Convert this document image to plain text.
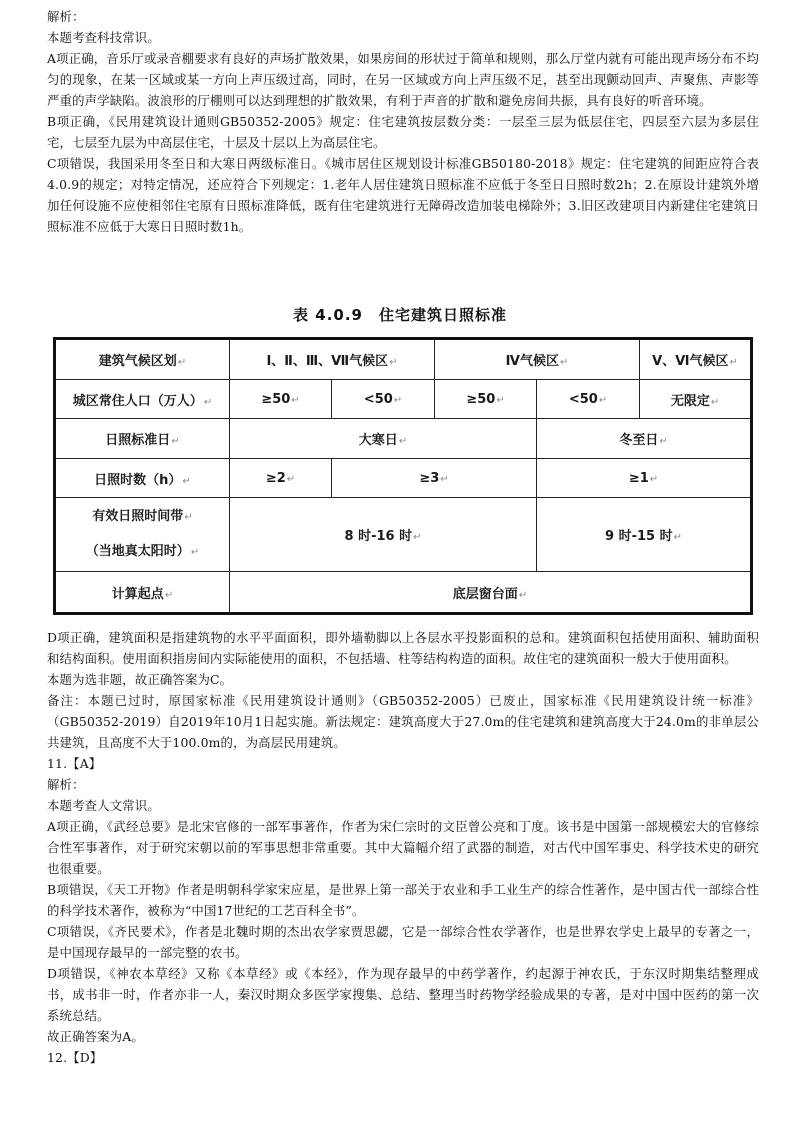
解析：

本题考查科技常识。

A项正确，音乐厅或录音棚要求有良好的声场扩散效果，如果房间的形状过于简单和规则，那么厅堂内就有可能出现声场分布不均匀的现象，在某一区域或某一方向上声压级过高，同时，在另一区域或方向上声压级不足，甚至出现颤动回声、声聚焦、声影等严重的声学缺陷。波浪形的厅棚则可以达到理想的扩散效果，有利于声音的扩散和避免房间共振，具有良好的听音环境。

B项正确，《民用建筑设计通则GB50352-2005》规定：住宅建筑按层数分类：一层至三层为低层住宅，四层至六层为多层住宅，七层至九层为中高层住宅，十层及十层以上为高层住宅。

C项错误，我国采用冬至日和大寒日两级标准日。《城市居住区规划设计标准GB50180-2018》规定：住宅建筑的间距应符合表4.0.9的规定；对特定情况，还应符合下列规定：1.老年人居住建筑日照标准不应低于冬至日日照时数2h；2.在原设计建筑外增加任何设施不应使相邻住宅原有日照标准降低，既有住宅建筑进行无障碍改造加装电梯除外；3.旧区改建项目内新建住宅建筑日照标准不应低于大寒日日照时数1h。

表 4.0.9　住宅建筑日照标准
建筑气候区划↵	Ⅰ、Ⅱ、Ⅲ、Ⅶ气候区↵		Ⅳ气候区↵		Ⅴ、Ⅵ气候区↵
城区常住人口（万人）↵	≥50↵	<50↵	≥50↵	<50↵	无限定↵
日照标准日↵	大寒日↵			冬至日↵	
日照时数（h）↵	≥2↵	≥3↵		≥1↵	

有效日照时间带↵
（当地真太阳时）↵	8 时-16 时↵			9 时-15 时↵	
计算起点↵	底层窗台面↵				

D项正确，建筑面积是指建筑物的水平平面面积，即外墙勒脚以上各层水平投影面积的总和。建筑面积包括使用面积、辅助面积和结构面积。使用面积指房间内实际能使用的面积，不包括墙、柱等结构构造的面积。故住宅的建筑面积一般大于使用面积。

本题为选非题，故正确答案为C。

备注：本题已过时，原国家标准《民用建筑设计通则》（GB50352-2005）已废止，国家标准《民用建筑设计统一标准》（GB50352-2019）自2019年10月1日起实施。新法规定：建筑高度大于27.0m的住宅建筑和建筑高度大于24.0m的非单层公共建筑，且高度不大于100.0m的，为高层民用建筑。

11.【A】

解析：

本题考查人文常识。

A项正确，《武经总要》是北宋官修的一部军事著作，作者为宋仁宗时的文臣曾公亮和丁度。该书是中国第一部规模宏大的官修综合性军事著作，对于研究宋朝以前的军事思想非常重要。其中大篇幅介绍了武器的制造，对古代中国军事史、科学技术史的研究也很重要。

B项错误，《天工开物》作者是明朝科学家宋应星，是世界上第一部关于农业和手工业生产的综合性著作，是中国古代一部综合性的科学技术著作，被称为“中国17世纪的工艺百科全书”。

C项错误，《齐民要术》，作者是北魏时期的杰出农学家贾思勰，它是一部综合性农学著作，也是世界农学史上最早的专著之一，是中国现存最早的一部完整的农书。

D项错误，《神农本草经》又称《本草经》或《本经》，作为现存最早的中药学著作，约起源于神农氏，于东汉时期集结整理成书，成书非一时，作者亦非一人，秦汉时期众多医学家搜集、总结、整理当时药物学经验成果的专著，是对中国中医药的第一次系统总结。

故正确答案为A。

12.【D】
